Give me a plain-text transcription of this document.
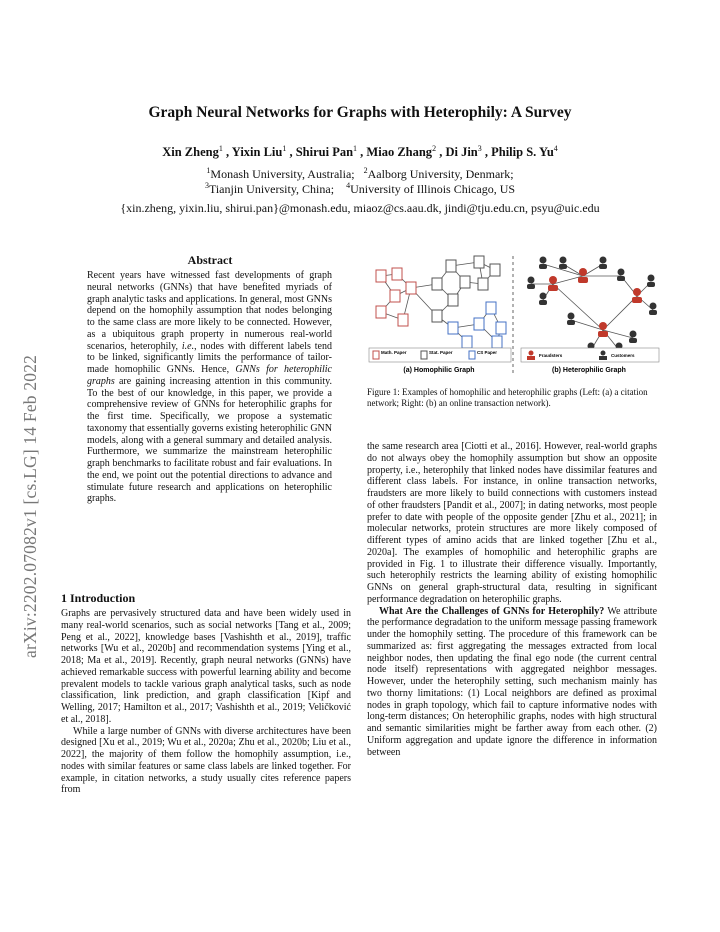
arXiv:2202.07082v1 [cs.LG] 14 Feb 2022
Graph Neural Networks for Graphs with Heterophily: A Survey
Xin Zheng$^1$ , Yixin Liu$^1$ , Shirui Pan$^1$ , Miao Zhang$^2$ , Di Jin$^3$ , Philip S. Yu$^4$
$^1$Monash University, Australia; $^2$Aalborg University, Denmark;
$^3$Tianjin University, China; $^4$University of Illinois Chicago, US
{xin.zheng, yixin.liu, shirui.pan}@monash.edu, miaoz@cs.aau.dk, jindi@tju.edu.cn, psyu@uic.edu
Abstract
Recent years have witnessed fast developments of graph neural networks (GNNs) that have benefited myriads of graph analytic tasks and applications. In general, most GNNs depend on the homophily assumption that nodes belonging to the same class are more likely to be connected. However, as a ubiquitous graph property in numerous real-world scenarios, heterophily, i.e., nodes with different labels tend to be linked, significantly limits the performance of tailor-made homophilic GNNs. Hence, GNNs for heterophilic graphs are gaining increasing attention in this community. To the best of our knowledge, in this paper, we provide a comprehensive review of GNNs for heterophilic graphs for the first time. Specifically, we propose a systematic taxonomy that essentially governs existing heterophilic GNN models, along with a general summary and detailed analysis. Furthermore, we summarize the mainstream heterophilic graph benchmarks to facilitate robust and fair evaluations. In the end, we point out the potential directions to advance and stimulate future research and applications on heterophilic graphs.
1 Introduction

Graphs are pervasively structured data and have been widely used in many real-world scenarios, such as social networks [Tang et al., 2009; Peng et al., 2022], knowledge bases [Vashishth et al., 2019], traffic networks [Wu et al., 2020b] and recommendation systems [Ying et al., 2018; Ma et al., 2019]. Recently, graph neural networks (GNNs) have achieved remarkable success with powerful learning ability and become prevalent models to tackle various graph analytical tasks, such as node classification, link prediction, and graph classification [Kipf and Welling, 2017; Hamilton et al., 2017; Vashishth et al., 2019; Veličković et al., 2018].

While a large number of GNNs with diverse architectures have been designed [Xu et al., 2019; Wu et al., 2020a; Zhu et al., 2020b; Liu et al., 2022], the majority of them follow the homophily assumption, i.e., nodes with similar features or same class labels are linked together. For example, in citation networks, a study usually cites reference papers from

Math. Paper	Stat. Paper	CS Paper
Fraudsters	Customers
(a) Homophilic Graph	(b) Heterophilic Graph
Figure 1: Examples of homophilic and heterophilic graphs (Left: (a) a citation network; Right: (b) an online transaction network).

the same research area [Ciotti et al., 2016]. However, real-world graphs do not always obey the homophily assumption but show an opposite property, i.e., heterophily that linked nodes have dissimilar features and different class labels. For instance, in online transaction networks, fraudsters are more likely to build connections with customers instead of other fraudsters [Pandit et al., 2007]; in dating networks, most people prefer to date with people of the opposite gender [Zhu et al., 2021]; in molecular networks, protein structures are more likely composed of different types of amino acids that are linked together [Zhu et al., 2020a]. The examples of homophilic and heterophilic graphs are provided in Fig. 1 to illustrate their difference visually. Importantly, such heterophily restricts the learning ability of existing homophilic GNNs on general graph-structural data, resulting in significant performance degradation on heterophilic graphs.

What Are the Challenges of GNNs for Heterophily? We attribute the performance degradation to the uniform message passing framework under the homophily setting. The procedure of this framework can be summarized as: first aggregating the messages extracted from local neighbor nodes, then updating the final ego node (the current central node itself) representations with aggregated neighbor messages. However, under the heterophily setting, such mechanism mainly has two thorny limitations: (1) Local neighbors are defined as proximal nodes in graph topology, which fail to capture informative nodes with long-term distances; On heterophilic graphs, nodes with high structural and semantic similarities might be farther away from each other. (2) Uniform aggregation and update ignore the difference in information between
